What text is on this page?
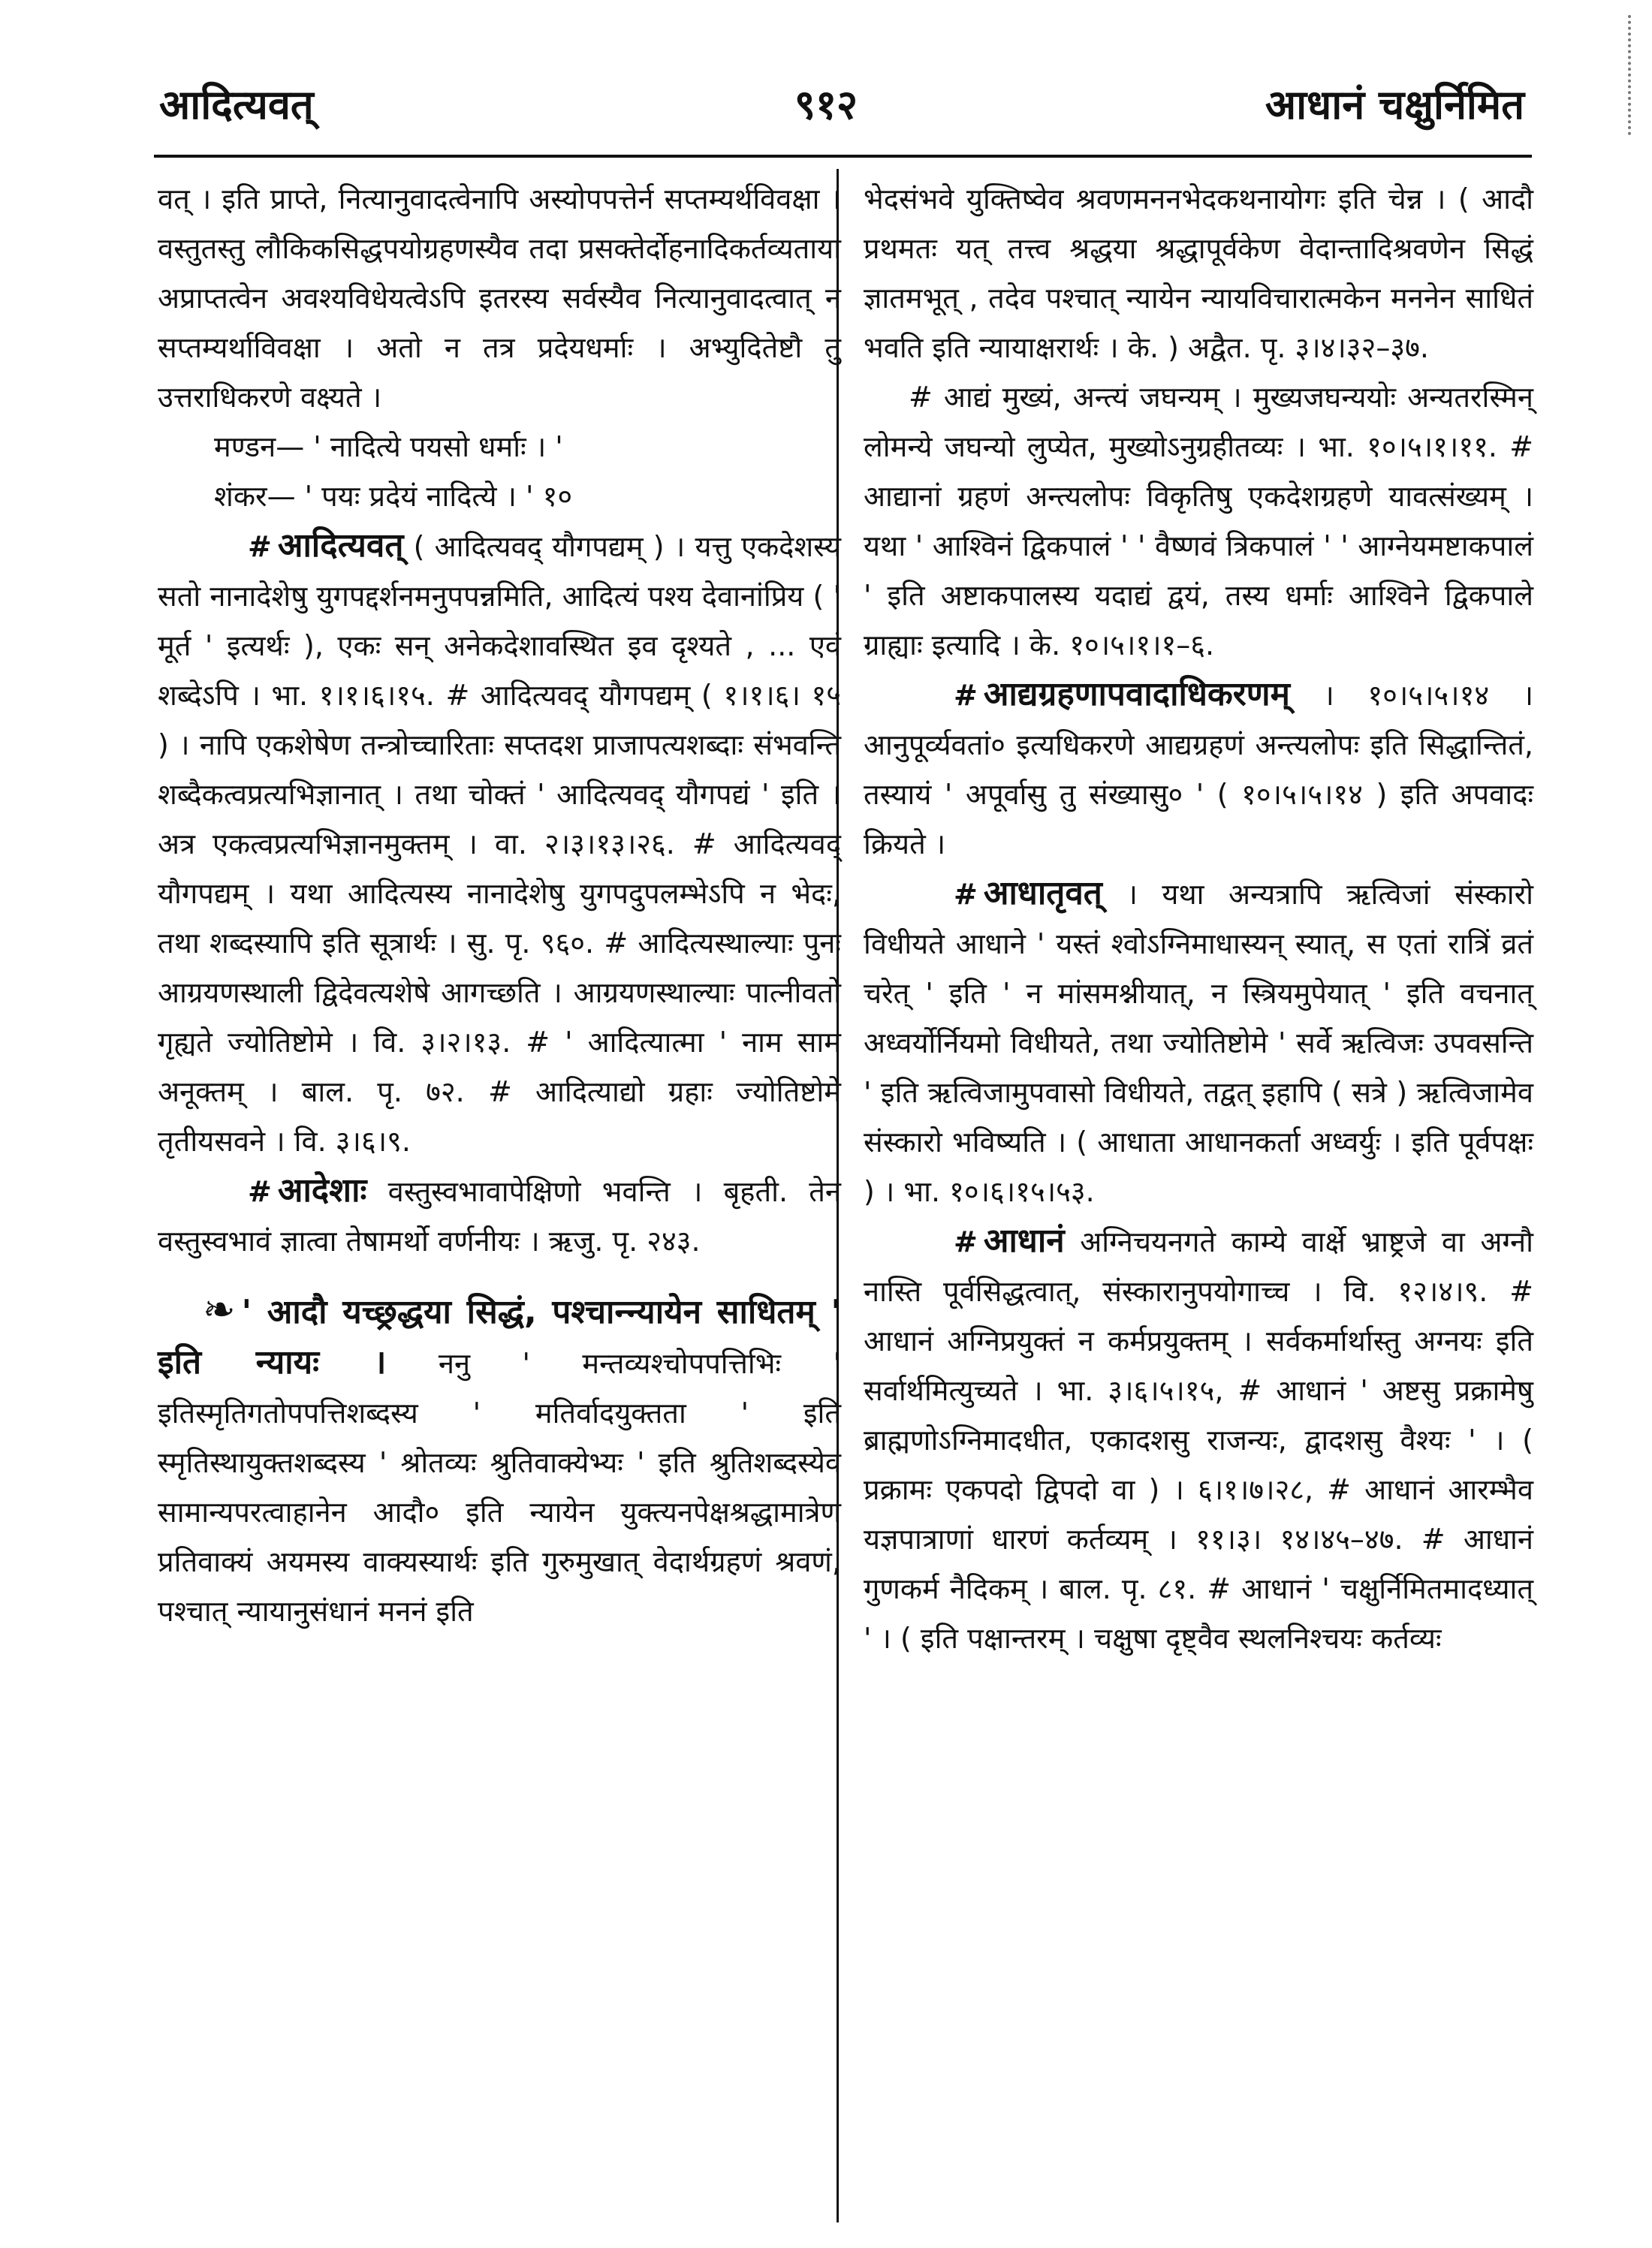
आदित्यवत्	९१२	आधानं चक्षुर्निमित

वत् । इति प्राप्ते, नित्यानुवादत्वेनापि अस्योपपत्तेर्न सप्तम्यर्थविवक्षा । वस्तुतस्तु लौकिकसिद्धपयोग्रहणस्यैव तदा प्रसक्तेर्दोहनादिकर्तव्यताया अप्राप्तत्वेन अवश्यविधेयत्वेऽपि इतरस्य सर्वस्यैव नित्यानुवादत्वात् न सप्तम्यर्थाविवक्षा । अतो न तत्र प्रदेयधर्माः । अभ्युदितेष्टौ तु उत्तराधिकरणे वक्ष्यते ।

मण्डन— ' नादित्ये पयसो धर्माः । '

शंकर— ' पयः प्रदेयं नादित्ये । ' १०

# आदित्यवत् ( आदित्यवद् यौगपद्यम् ) । यत्तु एकदेशस्य सतो नानादेशेषु युगपद्दर्शनमनुपपन्नमिति, आदित्यं पश्य देवानांप्रिय ( ' मूर्त ' इत्यर्थः ), एकः सन् अनेकदेशावस्थित इव दृश्यते , ... एवं शब्देऽपि । भा. १।१।६।१५. # आदित्यवद् यौगपद्यम् ( १।१।६। १५ ) । नापि एकशेषेण तन्त्रोच्चारिताः सप्तदश प्राजापत्यशब्दाः संभवन्ति शब्दैकत्वप्रत्यभिज्ञानात् । तथा चोक्तं ' आदित्यवद् यौगपद्यं ' इति । अत्र एकत्वप्रत्यभिज्ञानमुक्तम् । वा. २।३।१३।२६. # आदित्यवद् यौगपद्यम् । यथा आदित्यस्य नानादेशेषु युगपदुपलम्भेऽपि न भेदः, तथा शब्दस्यापि इति सूत्रार्थः । सु. पृ. ९६०. # आदित्यस्थाल्याः पुनः आग्रयणस्थाली द्विदेवत्यशेषे आगच्छति । आग्रयणस्थाल्याः पात्नीवतो गृह्यते ज्योतिष्टोमे । वि. ३।२।१३. # ' आदित्यात्मा ' नाम साम अनूक्तम् । बाल. पृ. ७२. # आदित्याद्यो ग्रहाः ज्योतिष्टोमे तृतीयसवने । वि. ३।६।९.

# आदेशाः वस्तुस्वभावापेक्षिणो भवन्ति । बृहती. तेन वस्तुस्वभावं ज्ञात्वा तेषामर्थो वर्णनीयः । ऋजु. पृ. २४३.

❧ ' आदौ यच्छ्रद्धया सिद्धं, पश्चान्न्यायेन साधितम् ' इति न्यायः । ननु ' मन्तव्यश्चोपपत्तिभिः ' इतिस्मृतिगतोपपत्तिशब्दस्य ' मतिर्वादयुक्तता ' इति स्मृतिस्थायुक्तशब्दस्य ' श्रोतव्यः श्रुतिवाक्येभ्यः ' इति श्रुतिशब्दस्येव सामान्यपरत्वाहानेन आदौ० इति न्यायेन युक्त्यनपेक्षश्रद्धामात्रेण प्रतिवाक्यं अयमस्य वाक्यस्यार्थः इति गुरुमुखात् वेदार्थग्रहणं श्रवणं, पश्चात् न्यायानुसंधानं मननं इति

भेदसंभवे युक्तिष्वेव श्रवणमननभेदकथनायोगः इति चेन्न । ( आदौ प्रथमतः यत् तत्त्व श्रद्धया श्रद्धापूर्वकेण वेदान्तादिश्रवणेन सिद्धं ज्ञातमभूत् , तदेव पश्चात् न्यायेन न्यायविचारात्मकेन मननेन साधितं भवति इति न्यायाक्षरार्थः । के. ) अद्वैत. पृ. ३।४।३२–३७.

# आद्यं मुख्यं, अन्त्यं जघन्यम् । मुख्यजघन्ययोः अन्यतरस्मिन् लोमन्ये जघन्यो लुप्येत, मुख्योऽनुग्रहीतव्यः । भा. १०।५।१।११. # आद्यानां ग्रहणं अन्त्यलोपः विकृतिषु एकदेशग्रहणे यावत्संख्यम् । यथा ' आश्विनं द्विकपालं ' ' वैष्णवं त्रिकपालं ' ' आग्नेयमष्टाकपालं ' इति अष्टाकपालस्य यदाद्यं द्वयं, तस्य धर्माः आश्विने द्विकपाले ग्राह्याः इत्यादि । के. १०।५।१।१–६.

# आद्यग्रहणापवादाधिकरणम् । १०।५।५।१४ । आनुपूर्व्यवतां० इत्यधिकरणे आद्यग्रहणं अन्त्यलोपः इति सिद्धान्तितं, तस्यायं ' अपूर्वासु तु संख्यासु० ' ( १०।५।५।१४ ) इति अपवादः क्रियते ।

# आधातृवत् । यथा अन्यत्रापि ऋत्विजां संस्कारो विधीयते आधाने ' यस्तं श्वोऽग्निमाधास्यन् स्यात्, स एतां रात्रिं व्रतं चरेत् ' इति ' न मांसमश्नीयात्, न स्त्रियमुपेयात् ' इति वचनात् अध्वर्योर्नियमो विधीयते, तथा ज्योतिष्टोमे ' सर्वे ऋत्विजः उपवसन्ति ' इति ऋत्विजामुपवासो विधीयते, तद्वत् इहापि ( सत्रे ) ऋत्विजामेव संस्कारो भविष्यति । ( आधाता आधानकर्ता अध्वर्युः । इति पूर्वपक्षः ) । भा. १०।६।१५।५३.

# आधानं अग्निचयनगते काम्ये वार्क्षे भ्राष्ट्रजे वा अग्नौ नास्ति पूर्वसिद्धत्वात्, संस्कारानुपयोगाच्च । वि. १२।४।९. # आधानं अग्निप्रयुक्तं न कर्मप्रयुक्तम् । सर्वकर्मार्थास्तु अग्नयः इति सर्वार्थमित्युच्यते । भा. ३।६।५।१५, # आधानं ' अष्टसु प्रक्रामेषु ब्राह्मणोऽग्निमादधीत, एकादशसु राजन्यः, द्वादशसु वैश्यः ' । ( प्रक्रामः एकपदो द्विपदो वा ) । ६।१।७।२८, # आधानं आरम्भैव यज्ञपात्राणां धारणं कर्तव्यम् । ११।३। १४।४५–४७. # आधानं गुणकर्म नैदिकम् । बाल. पृ. ८१. # आधानं ' चक्षुर्निमितमादध्यात् ' । ( इति पक्षान्तरम् । चक्षुषा दृष्ट्वैव स्थलनिश्चयः कर्तव्यः
